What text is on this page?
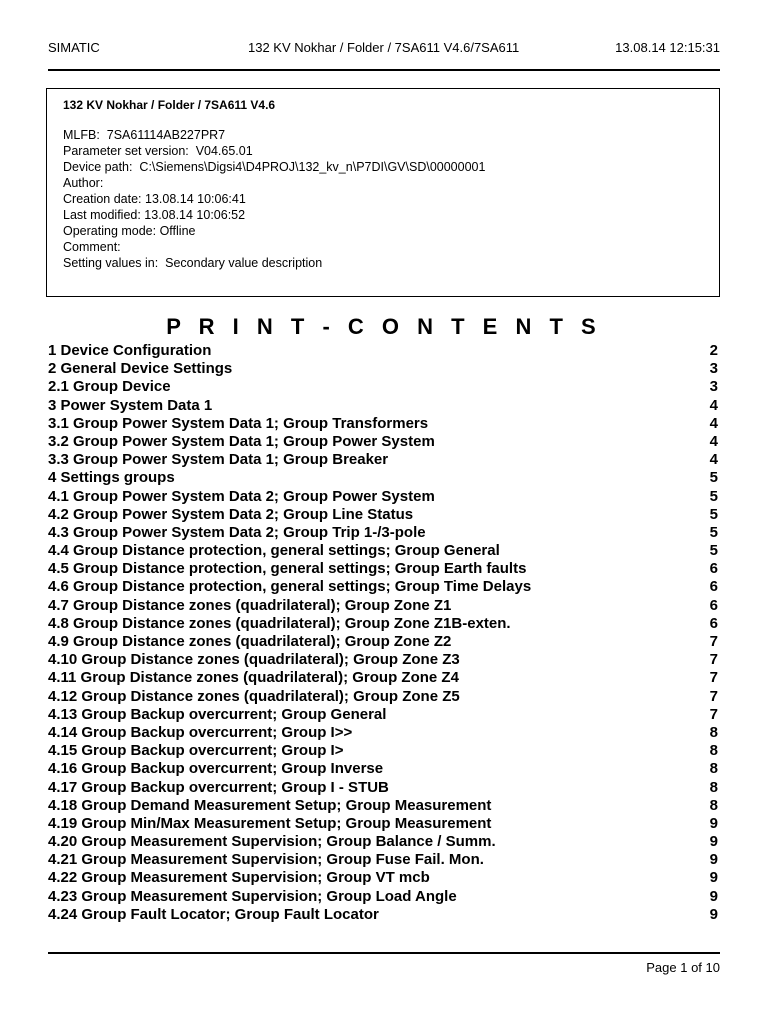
SIMATIC	132 KV Nokhar / Folder / 7SA611 V4.6/7SA611	13.08.14 12:15:31
132 KV Nokhar / Folder / 7SA611 V4.6
MLFB:  7SA61114AB227PR7
Parameter set version:  V04.65.01
Device path:  C:\Siemens\Digsi4\D4PROJ\132_kv_n\P7DI\GV\SD\00000001
Author:
Creation date: 13.08.14 10:06:41
Last modified: 13.08.14 10:06:52
Operating mode: Offline
Comment:
Setting values in:  Secondary value description
P R I N T - C O N T E N T S
1 Device Configuration	2
2 General Device Settings	3
2.1 Group Device	3
3 Power System Data 1	4
3.1 Group Power System Data 1; Group Transformers	4
3.2 Group Power System Data 1; Group Power System	4
3.3 Group Power System Data 1; Group Breaker	4
4 Settings groups	5
4.1 Group Power System Data 2; Group Power System	5
4.2 Group Power System Data 2; Group Line Status	5
4.3 Group Power System Data 2; Group Trip 1-/3-pole	5
4.4 Group Distance protection, general settings; Group General	5
4.5 Group Distance protection, general settings; Group Earth faults	6
4.6 Group Distance protection, general settings; Group Time Delays	6
4.7 Group Distance zones (quadrilateral); Group Zone Z1	6
4.8 Group Distance zones (quadrilateral); Group Zone Z1B-exten.	6
4.9 Group Distance zones (quadrilateral); Group Zone Z2	7
4.10 Group Distance zones (quadrilateral); Group Zone Z3	7
4.11 Group Distance zones (quadrilateral); Group Zone Z4	7
4.12 Group Distance zones (quadrilateral); Group Zone Z5	7
4.13 Group Backup overcurrent; Group General	7
4.14 Group Backup overcurrent; Group I>>	8
4.15 Group Backup overcurrent; Group I>	8
4.16 Group Backup overcurrent; Group Inverse	8
4.17 Group Backup overcurrent; Group I - STUB	8
4.18 Group Demand Measurement Setup; Group Measurement	8
4.19 Group Min/Max Measurement Setup; Group Measurement	9
4.20 Group Measurement Supervision; Group Balance / Summ.	9
4.21 Group Measurement Supervision; Group Fuse Fail. Mon.	9
4.22 Group Measurement Supervision; Group VT mcb	9
4.23 Group Measurement Supervision; Group Load Angle	9
4.24 Group Fault Locator; Group Fault Locator	9
Page 1 of 10
